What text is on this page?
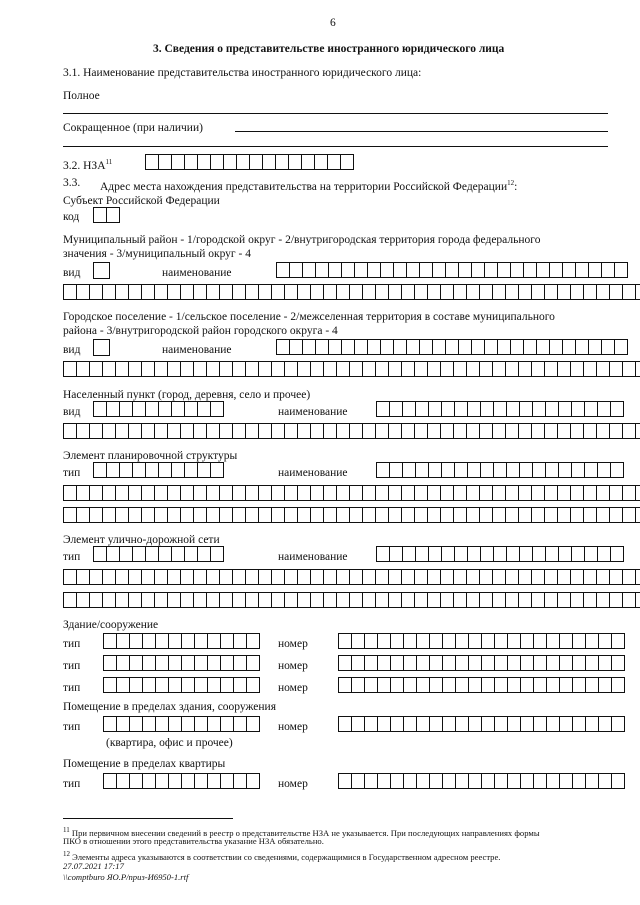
6
3. Сведения о представительстве иностранного юридического лица
3.1. Наименование представительства иностранного юридического лица:
Полное
Сокращенное (при наличии)
3.2. НЗА$^{11}$
3.3. Адрес места нахождения представительства на территории Российской Федерации$^{12}$:
Субъект Российской Федерации
код
Муниципальный район - 1/городской округ - 2/внутригородская территория города федерального
значения - 3/муниципальный округ - 4
вид	наименование
Городское поселение - 1/сельское поселение - 2/межселенная территория в составе муниципального
района - 3/внутригородской район городского округа - 4
вид	наименование
Населенный пункт (город, деревня, село и прочее)
вид	наименование
Элемент планировочной структуры
тип	наименование
Элемент улично-дорожной сети
тип	наименование
Здание/сооружение
тип	номер
тип	номер
тип	номер
Помещение в пределах здания, сооружения
тип	номер
(квартира, офис и прочее)
Помещение в пределах квартиры
тип	номер
$^{11}$ При первичном внесении сведений в реестр о представительстве НЗА не указывается. При последующих направлениях формы
ПКО в отношении этого представительства указание НЗА обязательно.
$^{12}$ Элементы адреса указываются в соответствии со сведениями, содержащимися в Государственном адресном реестре.
27.07.2021 17:17
\\comptburo ЯО.Р/приз-И6950-1.rtf
